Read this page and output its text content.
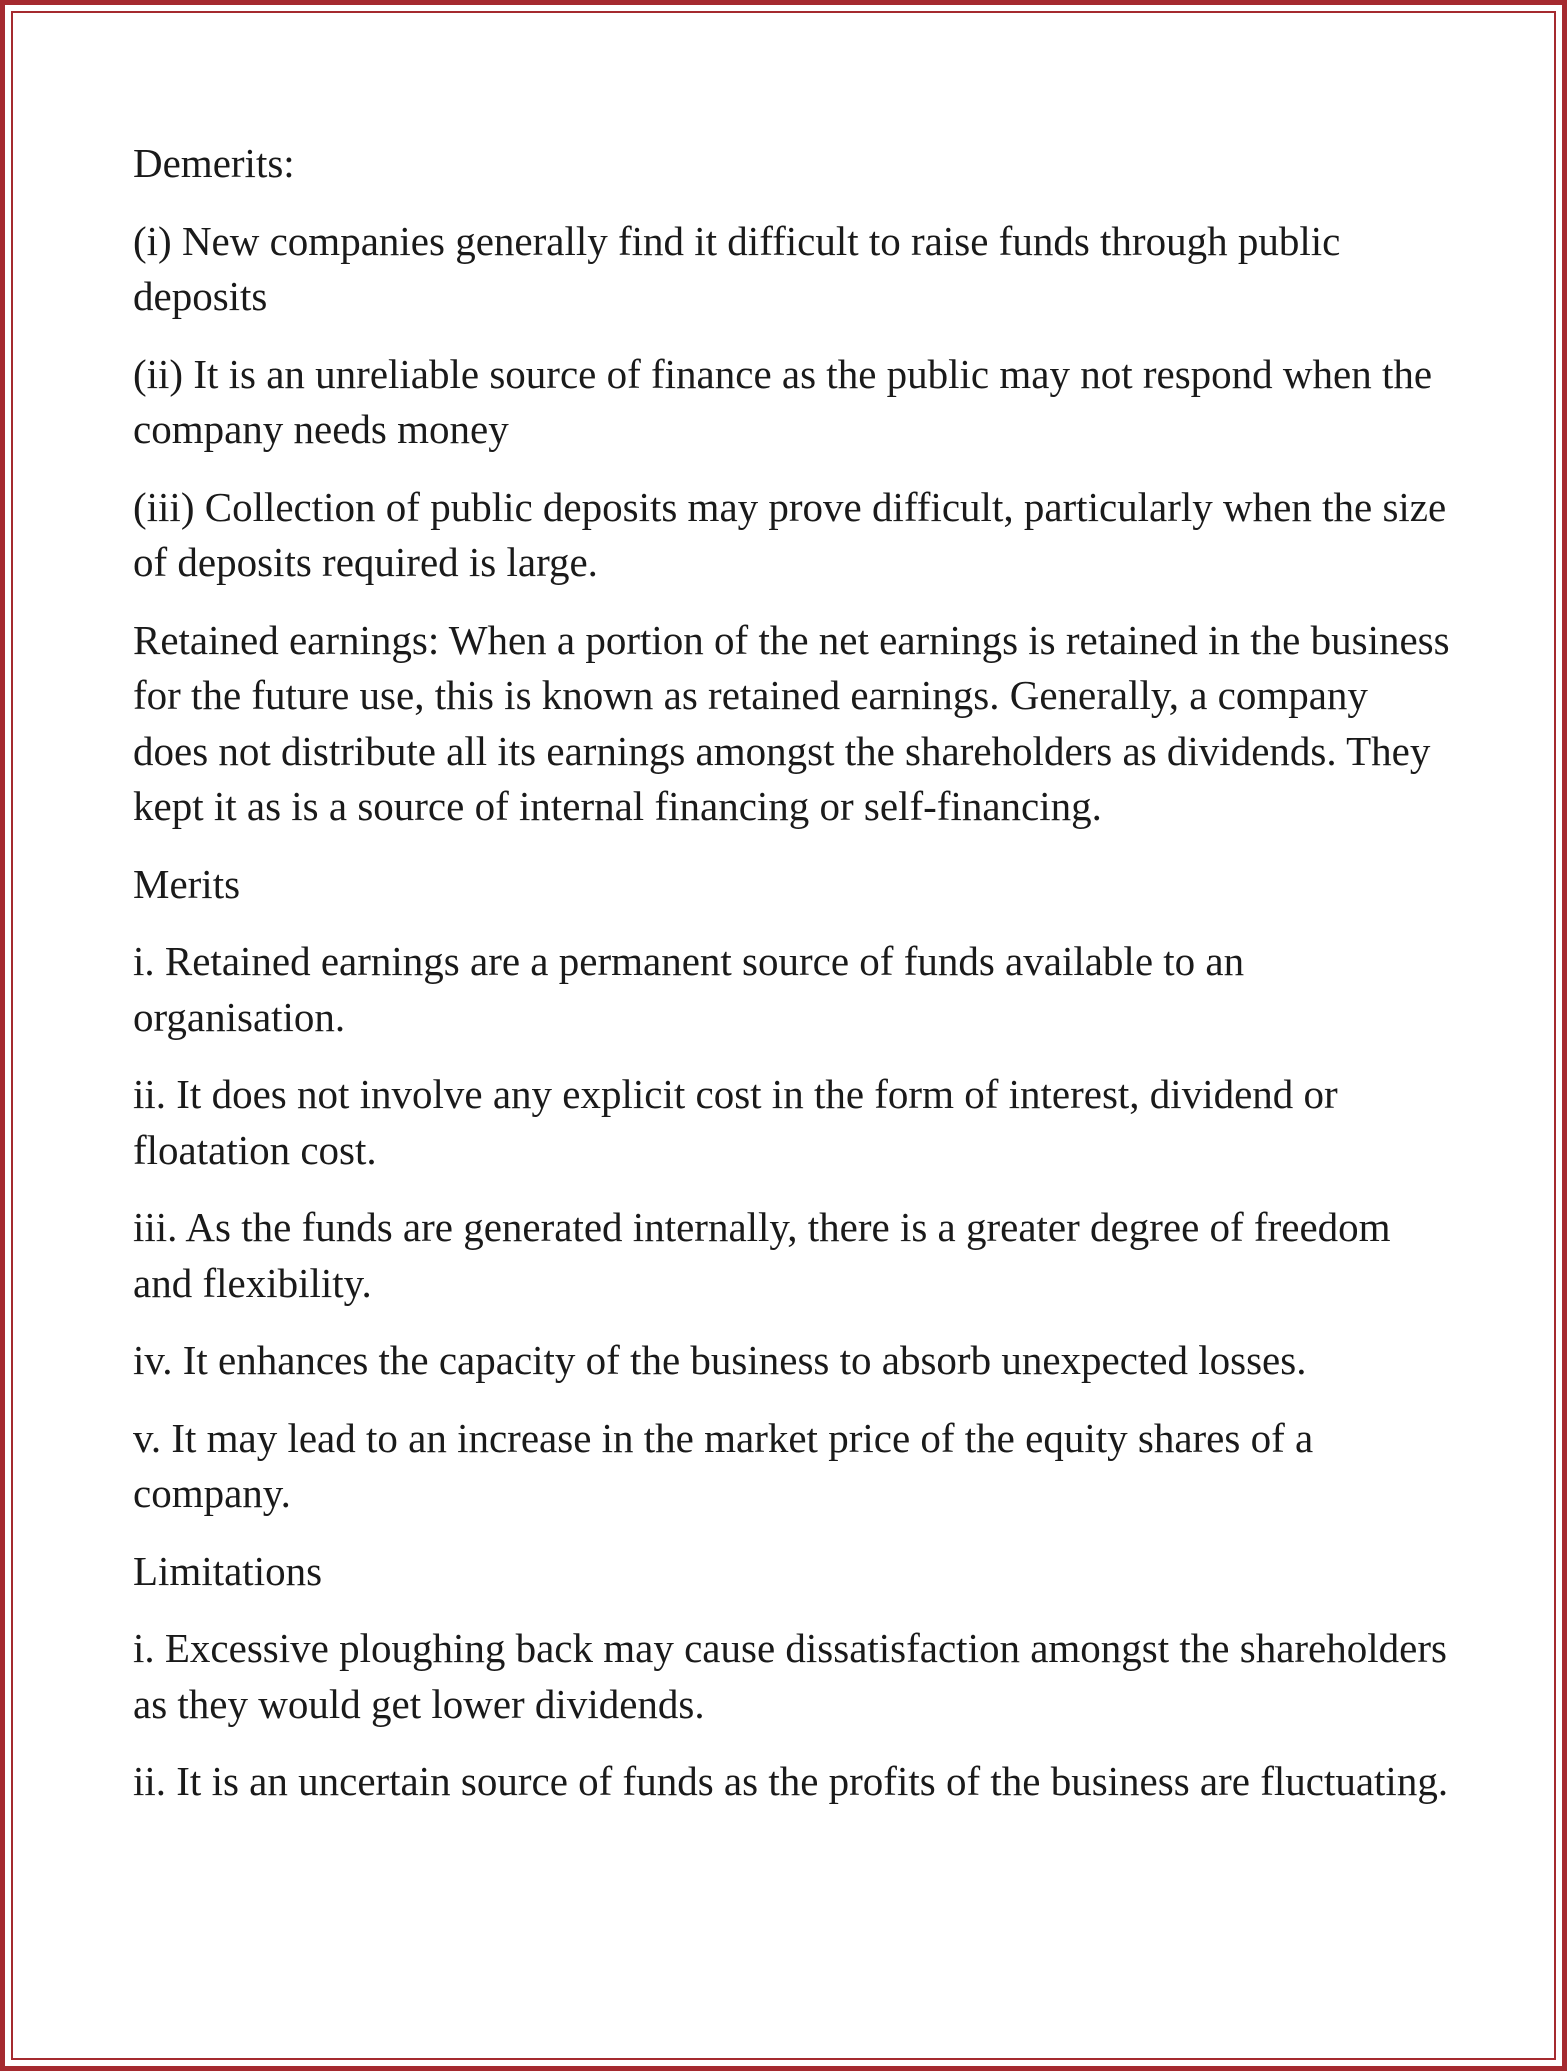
Demerits:

(i) New companies generally find it difficult to raise funds through public deposits

(ii) It is an unreliable source of finance as the public may not respond when the company needs money

(iii) Collection of public deposits may prove difficult, particularly when the size of deposits required is large.

Retained earnings: When a portion of the net earnings is retained in the business for the future use, this is known as retained earnings. Generally, a company does not distribute all its earnings amongst the shareholders as dividends. They kept it as is a source of internal financing or self-financing.

Merits

i. Retained earnings are a permanent source of funds available to an organisation.

ii. It does not involve any explicit cost in the form of interest, dividend or floatation cost.

iii. As the funds are generated internally, there is a greater degree of freedom and flexibility.

iv. It enhances the capacity of the business to absorb unexpected losses.

v. It may lead to an increase in the market price of the equity shares of a company.

Limitations

i. Excessive ploughing back may cause dissatisfaction amongst the shareholders as they would get lower dividends.

ii. It is an uncertain source of funds as the profits of the business are fluctuating.
